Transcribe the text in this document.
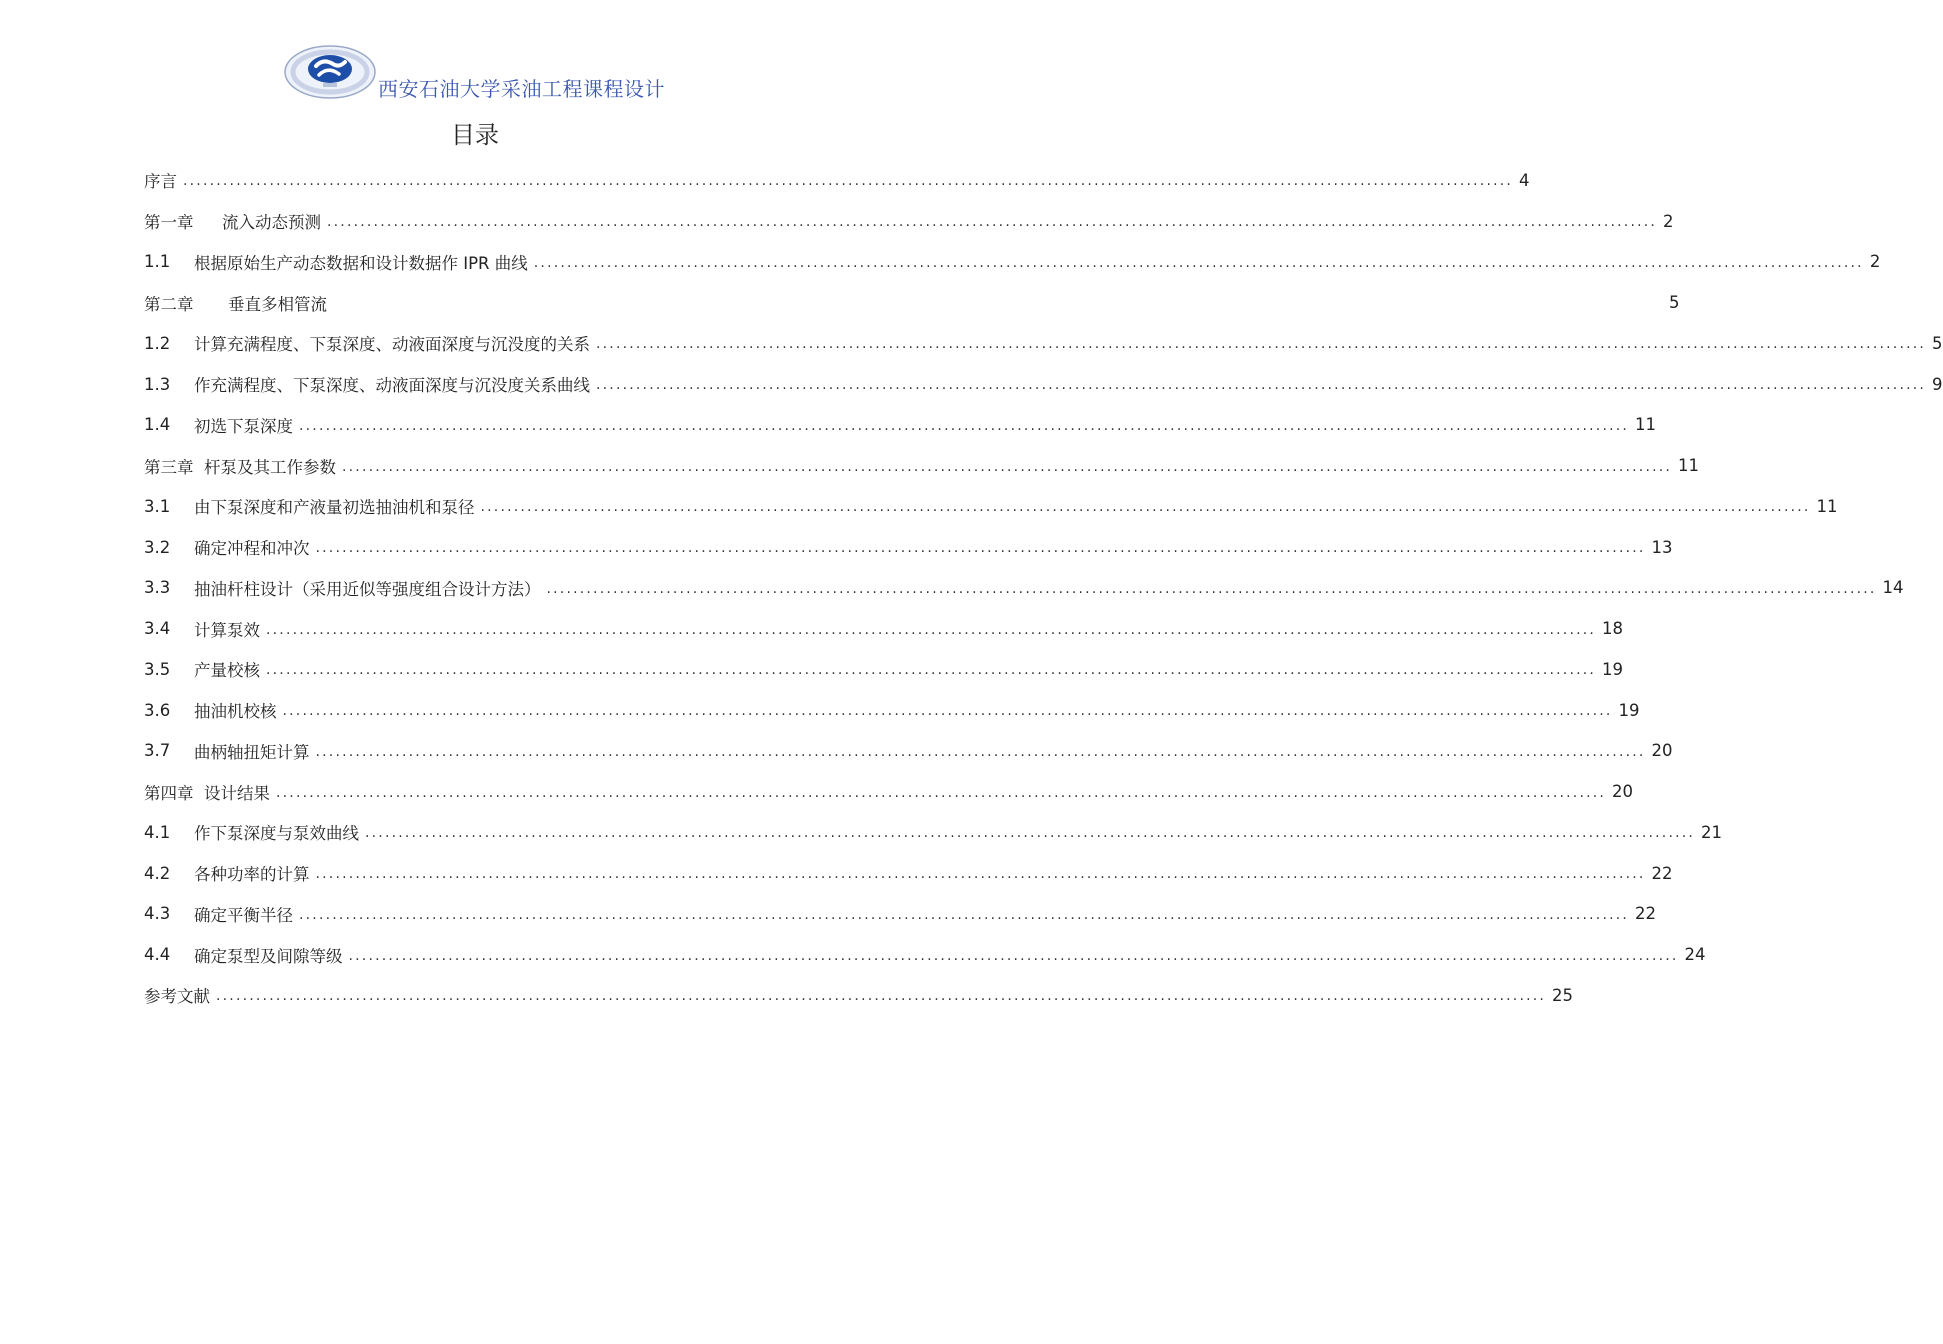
西安石油大学采油工程课程设计
目录
序言 ........................................................................................................................................................................................................ 4
第一章 流入动态预测 ........................................................................................................................................................................................................ 2
1.1	根据原始生产动态数据和设计数据作 IPR 曲线 ........................................................................................................................................................................................................ 2
第二章 垂直多相管流	5
1.2	计算充满程度、下泵深度、动液面深度与沉没度的关系 ........................................................................................................................................................................................................ 5
1.3	作充满程度、下泵深度、动液面深度与沉没度关系曲线 ........................................................................................................................................................................................................ 9
1.4	初选下泵深度 ........................................................................................................................................................................................................ 11
第三章 杆泵及其工作参数 ........................................................................................................................................................................................................ 11
3.1	由下泵深度和产液量初选抽油机和泵径 ........................................................................................................................................................................................................ 11
3.2	确定冲程和冲次 ........................................................................................................................................................................................................ 13
3.3	抽油杆柱设计（采用近似等强度组合设计方法） ........................................................................................................................................................................................................ 14
3.4	计算泵效 ........................................................................................................................................................................................................ 18
3.5	产量校核 ........................................................................................................................................................................................................ 19
3.6	抽油机校核 ........................................................................................................................................................................................................ 19
3.7	曲柄轴扭矩计算 ........................................................................................................................................................................................................ 20
第四章 设计结果 ........................................................................................................................................................................................................ 20
4.1	作下泵深度与泵效曲线 ........................................................................................................................................................................................................ 21
4.2	各种功率的计算 ........................................................................................................................................................................................................ 22
4.3	确定平衡半径 ........................................................................................................................................................................................................ 22
4.4	确定泵型及间隙等级 ........................................................................................................................................................................................................ 24
参考文献 ........................................................................................................................................................................................................ 25
